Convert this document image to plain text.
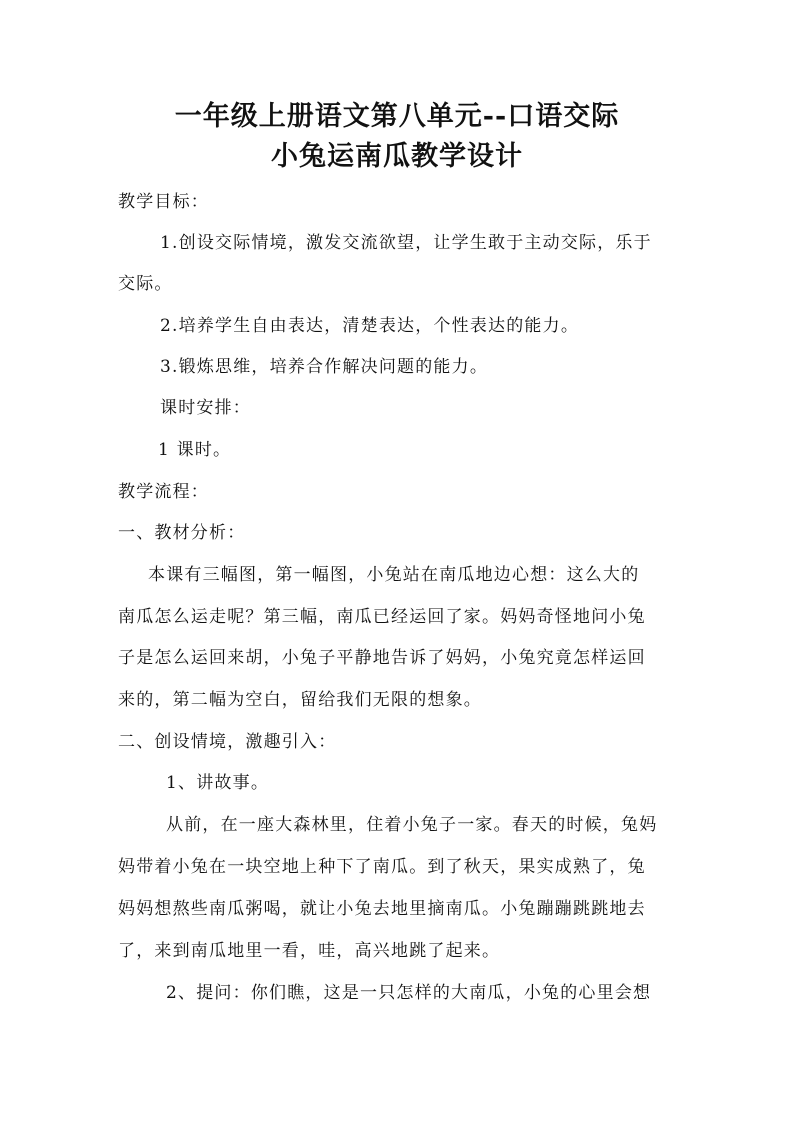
一年级上册语文第八单元--口语交际
小兔运南瓜教学设计
教学目标：
1.创设交际情境，激发交流欲望，让学生敢于主动交际，乐于
交际。
2.培养学生自由表达，清楚表达，个性表达的能力。
3.锻炼思维，培养合作解决问题的能力。
课时安排：
1 课时。
教学流程：
一、教材分析：
本课有三幅图，第一幅图，小兔站在南瓜地边心想：这么大的
南瓜怎么运走呢？第三幅，南瓜已经运回了家。妈妈奇怪地问小兔
子是怎么运回来胡，小兔子平静地告诉了妈妈，小兔究竟怎样运回
来的，第二幅为空白，留给我们无限的想象。
二、创设情境，激趣引入：
1、讲故事。
从前，在一座大森林里，住着小兔子一家。春天的时候，兔妈
妈带着小兔在一块空地上种下了南瓜。到了秋天，果实成熟了，兔
妈妈想熬些南瓜粥喝，就让小兔去地里摘南瓜。小兔蹦蹦跳跳地去
了，来到南瓜地里一看，哇，高兴地跳了起来。
2、提问：你们瞧，这是一只怎样的大南瓜，小兔的心里会想
